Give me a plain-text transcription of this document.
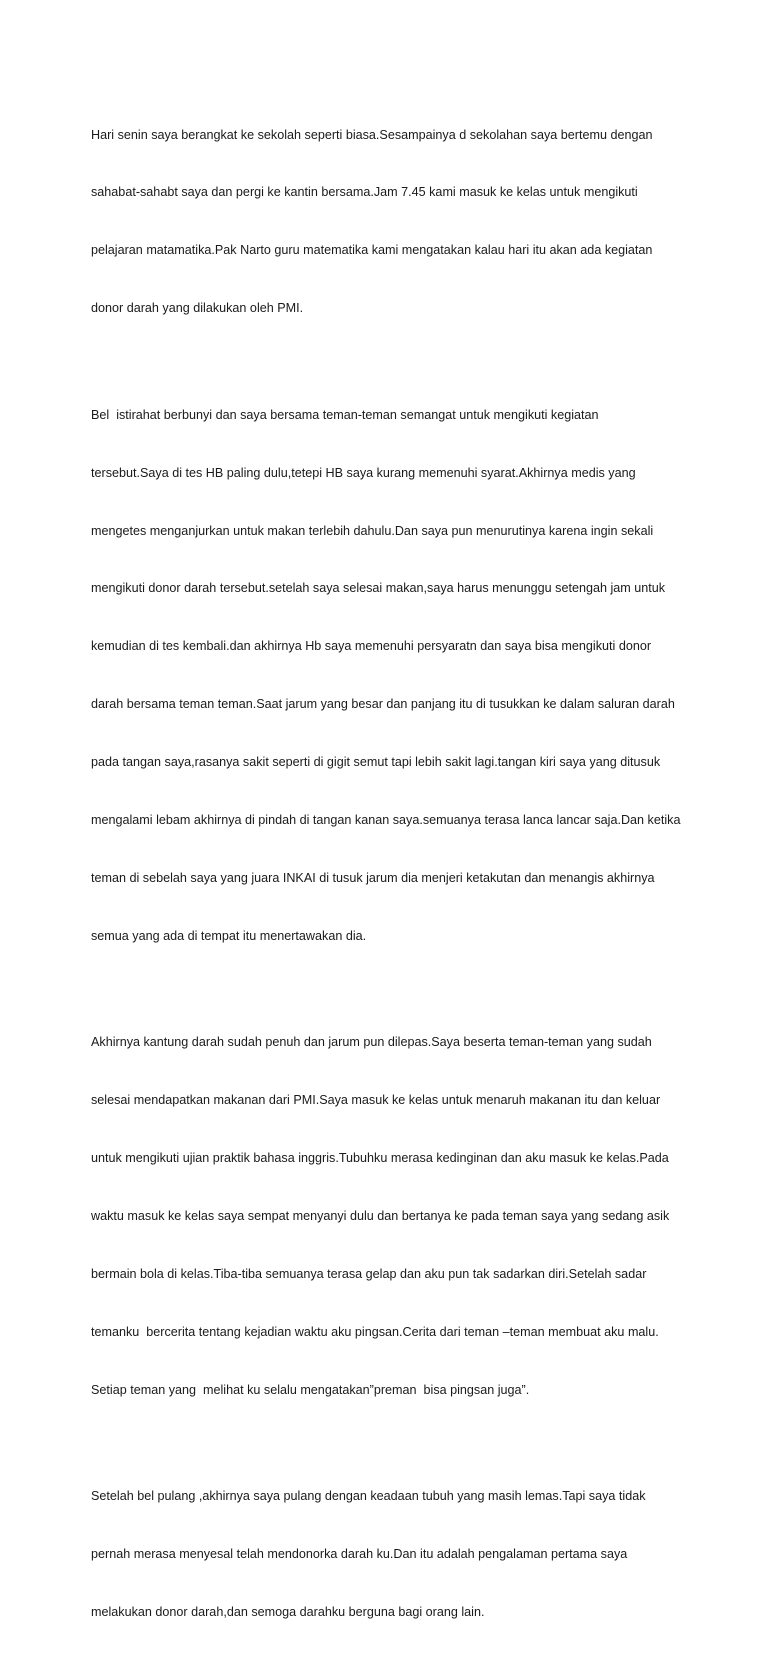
Hari senin saya berangkat ke sekolah seperti biasa.Sesampainya d sekolahan saya bertemu dengan

sahabat-sahabt saya dan pergi ke kantin bersama.Jam 7.45 kami masuk ke kelas untuk mengikuti

pelajaran matamatika.Pak Narto guru matematika kami mengatakan kalau hari itu akan ada kegiatan

donor darah yang dilakukan oleh PMI.

Bel  istirahat berbunyi dan saya bersama teman-teman semangat untuk mengikuti kegiatan

tersebut.Saya di tes HB paling dulu,tetepi HB saya kurang memenuhi syarat.Akhirnya medis yang

mengetes menganjurkan untuk makan terlebih dahulu.Dan saya pun menurutinya karena ingin sekali

mengikuti donor darah tersebut.setelah saya selesai makan,saya harus menunggu setengah jam untuk

kemudian di tes kembali.dan akhirnya Hb saya memenuhi persyaratn dan saya bisa mengikuti donor

darah bersama teman teman.Saat jarum yang besar dan panjang itu di tusukkan ke dalam saluran darah

pada tangan saya,rasanya sakit seperti di gigit semut tapi lebih sakit lagi.tangan kiri saya yang ditusuk

mengalami lebam akhirnya di pindah di tangan kanan saya.semuanya terasa lanca lancar saja.Dan ketika

teman di sebelah saya yang juara INKAI di tusuk jarum dia menjeri ketakutan dan menangis akhirnya

semua yang ada di tempat itu menertawakan dia.

Akhirnya kantung darah sudah penuh dan jarum pun dilepas.Saya beserta teman-teman yang sudah

selesai mendapatkan makanan dari PMI.Saya masuk ke kelas untuk menaruh makanan itu dan keluar

untuk mengikuti ujian praktik bahasa inggris.Tubuhku merasa kedinginan dan aku masuk ke kelas.Pada

waktu masuk ke kelas saya sempat menyanyi dulu dan bertanya ke pada teman saya yang sedang asik

bermain bola di kelas.Tiba-tiba semuanya terasa gelap dan aku pun tak sadarkan diri.Setelah sadar

temanku  bercerita tentang kejadian waktu aku pingsan.Cerita dari teman –teman membuat aku malu.

Setiap teman yang  melihat ku selalu mengatakan”preman  bisa pingsan juga”.

Setelah bel pulang ,akhirnya saya pulang dengan keadaan tubuh yang masih lemas.Tapi saya tidak

pernah merasa menyesal telah mendonorka darah ku.Dan itu adalah pengalaman pertama saya

melakukan donor darah,dan semoga darahku berguna bagi orang lain.
